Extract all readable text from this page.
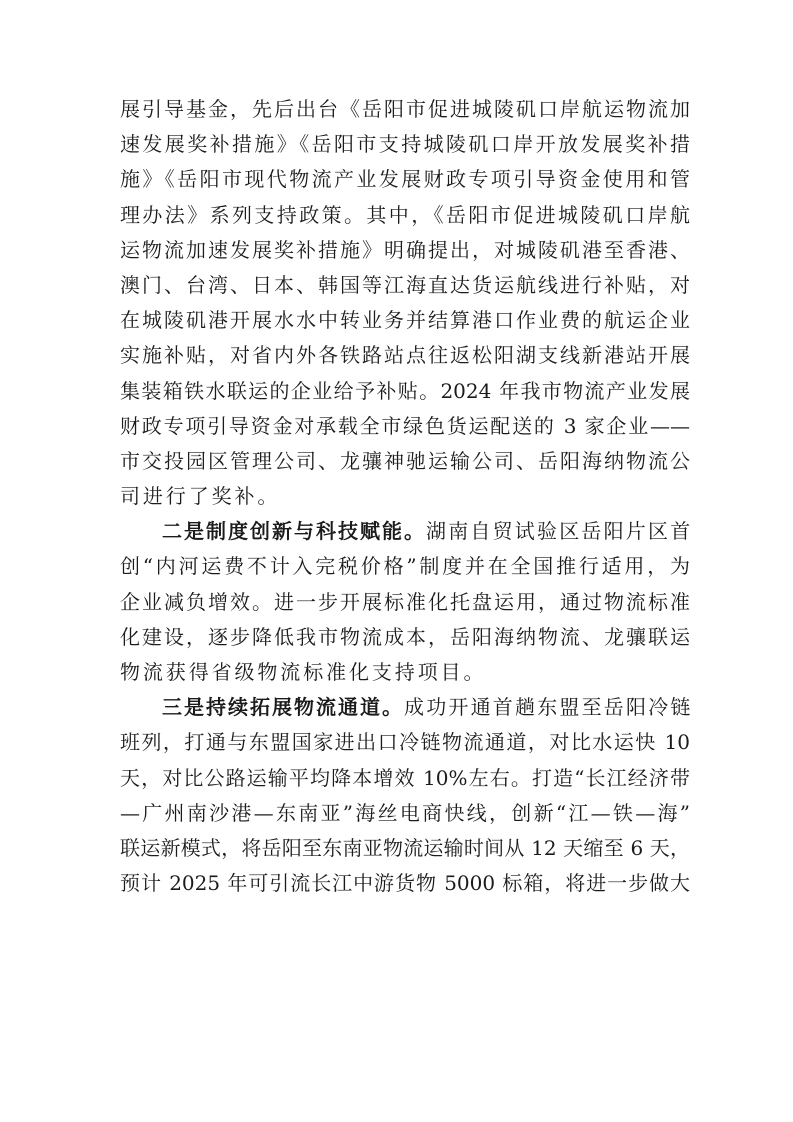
展引导基金，先后出台《岳阳市促进城陵矶口岸航运物流加
速发展奖补措施》《岳阳市支持城陵矶口岸开放发展奖补措
施》《岳阳市现代物流产业发展财政专项引导资金使用和管
理办法》系列支持政策。其中，《岳阳市促进城陵矶口岸航
运物流加速发展奖补措施》明确提出，对城陵矶港至香港、
澳门、台湾、日本、韩国等江海直达货运航线进行补贴，对
在城陵矶港开展水水中转业务并结算港口作业费的航运企业
实施补贴，对省内外各铁路站点往返松阳湖支线新港站开展
集装箱铁水联运的企业给予补贴。2024 年我市物流产业发展
财政专项引导资金对承载全市绿色货运配送的 3 家企业——
市交投园区管理公司、龙骧神驰运输公司、岳阳海纳物流公
司进行了奖补。
二是制度创新与科技赋能。湖南自贸试验区岳阳片区首
创“内河运费不计入完税价格”制度并在全国推行适用，为
企业减负增效。进一步开展标准化托盘运用，通过物流标准
化建设，逐步降低我市物流成本，岳阳海纳物流、龙骧联运
物流获得省级物流标准化支持项目。
三是持续拓展物流通道。成功开通首趟东盟至岳阳冷链
班列，打通与东盟国家进出口冷链物流通道，对比水运快 10
天，对比公路运输平均降本增效 10%左右。打造“长江经济带
—广州南沙港—东南亚”海丝电商快线，创新“江—铁—海”
联运新模式，将岳阳至东南亚物流运输时间从 12 天缩至 6 天，
预计 2025 年可引流长江中游货物 5000 标箱，将进一步做大
